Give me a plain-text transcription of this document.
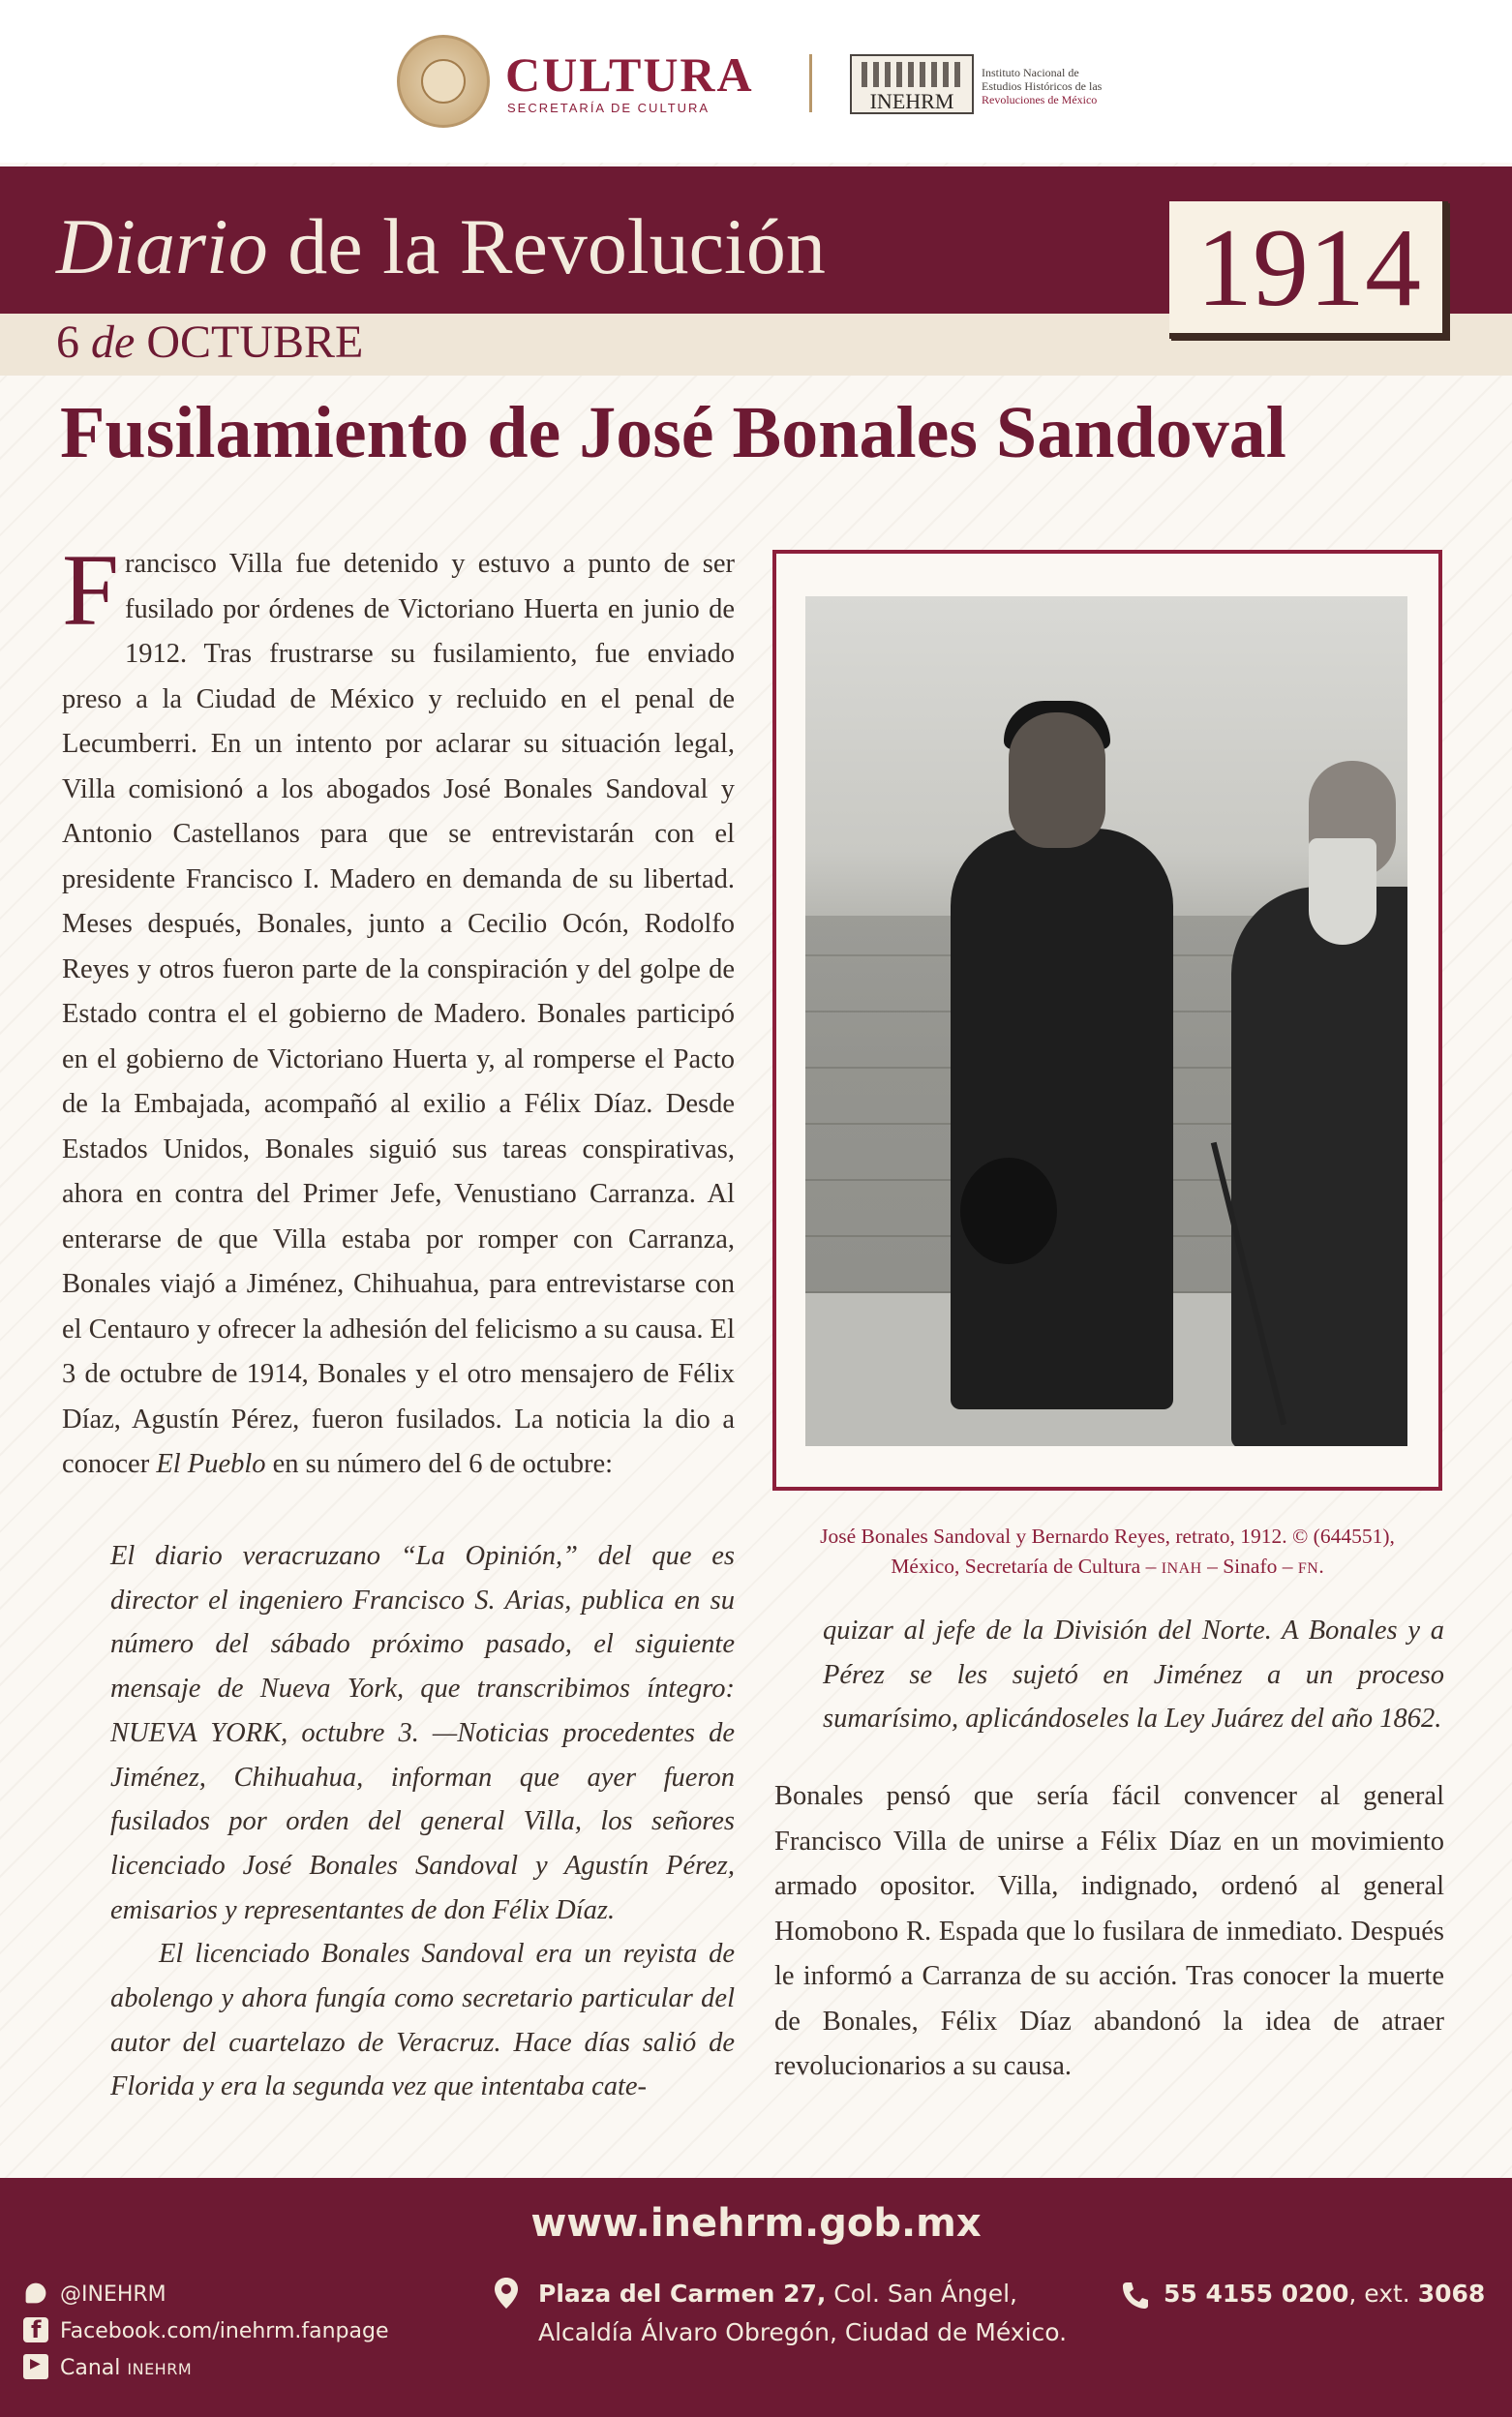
CULTURA
SECRETARÍA DE CULTURA	INEHRM
Instituto Nacional de
Estudios Históricos de las
Revoluciones de México
Diario de la Revolución
6 de OCTUBRE
1914
Fusilamiento de José Bonales Sandoval

Francisco Villa fue detenido y estuvo a punto de ser fusilado por órdenes de Victoriano Huerta en junio de 1912. Tras frustrarse su fusilamiento, fue enviado preso a la Ciudad de México y recluido en el penal de Lecumberri. En un intento por aclarar su situación legal, Villa comisionó a los abogados José Bonales Sandoval y Antonio Castellanos para que se entrevistarán con el presidente Francisco I. Madero en demanda de su libertad. Meses después, Bonales, junto a Cecilio Ocón, Rodolfo Reyes y otros fueron parte de la conspiración y del golpe de Estado contra el el gobierno de Madero. Bonales participó en el gobierno de Victoriano Huerta y, al romperse el Pacto de la Embajada, acompañó al exilio a Félix Díaz. Desde Estados Unidos, Bonales siguió sus tareas conspirativas, ahora en contra del Primer Jefe, Venustiano Carranza. Al enterarse de que Villa estaba por romper con Carranza, Bonales viajó a Jiménez, Chihuahua, para entrevistarse con el Centauro y ofrecer la adhesión del felicismo a su causa. El 3 de octubre de 1914, Bonales y el otro mensajero de Félix Díaz, Agustín Pérez, fueron fusilados. La noticia la dio a conocer El Pueblo en su número del 6 de octubre:

El diario veracruzano “La Opinión,” del que es director el ingeniero Francisco S. Arias, publica en su número del sábado próximo pasado, el siguiente mensaje de Nueva York, que transcribimos íntegro: NUEVA YORK, octubre 3. —Noticias procedentes de Jiménez, Chihuahua, informan que ayer fueron fusilados por orden del general Villa, los señores licenciado José Bonales Sandoval y Agustín Pérez, emisarios y representantes de don Félix Díaz.

El licenciado Bonales Sandoval era un reyista de abolengo y ahora fungía como secretario particular del autor del cuartelazo de Veracruz. Hace días salió de Florida y era la segunda vez que intentaba cate-

José Bonales Sandoval y Bernardo Reyes, retrato, 1912. © (644551),
México, Secretaría de Cultura – INAH – Sinafo – FN.

quizar al jefe de la División del Norte. A Bonales y a Pérez se les sujetó en Jiménez a un proceso sumarísimo, aplicándoseles la Ley Juárez del año 1862.

Bonales pensó que sería fácil convencer al general Francisco Villa de unirse a Félix Díaz en un movimiento armado opositor. Villa, indignado, ordenó al general Homobono R. Espada que lo fusilara de inmediato. Después le informó a Carranza de su acción. Tras conocer la muerte de Bonales, Félix Díaz abandonó la idea de atraer revolucionarios a su causa.

www.inehrm.gob.mx
@INEHRM
fFacebook.com/inehrm.fanpage
▶Canal INEHRM
Plaza del Carmen 27, Col. San Ángel,
Alcaldía Álvaro Obregón, Ciudad de México.
55 4155 0200, ext. 3068
